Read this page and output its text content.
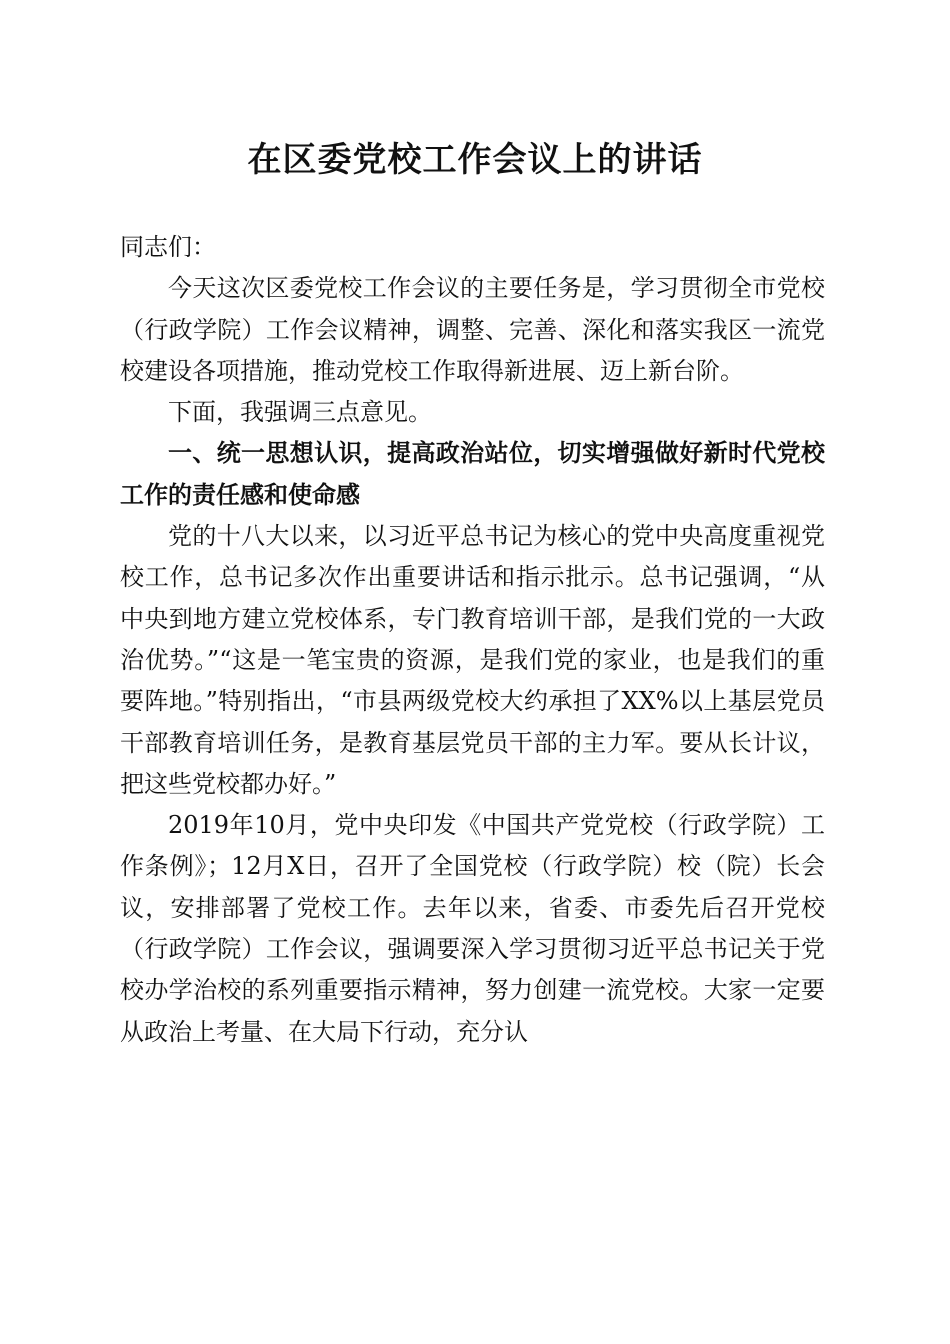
在区委党校工作会议上的讲话

同志们：

今天这次区委党校工作会议的主要任务是，学习贯彻全市党校（行政学院）工作会议精神，调整、完善、深化和落实我区一流党校建设各项措施，推动党校工作取得新进展、迈上新台阶。

下面，我强调三点意见。

一、统一思想认识，提高政治站位，切实增强做好新时代党校工作的责任感和使命感

党的十八大以来，以习近平总书记为核心的党中央高度重视党校工作，总书记多次作出重要讲话和指示批示。总书记强调，“从中央到地方建立党校体系，专门教育培训干部，是我们党的一大政治优势。”“这是一笔宝贵的资源，是我们党的家业，也是我们的重要阵地。”特别指出，“市县两级党校大约承担了XX%以上基层党员干部教育培训任务，是教育基层党员干部的主力军。要从长计议，把这些党校都办好。”

2019年10月，党中央印发《中国共产党党校（行政学院）工作条例》；12月X日，召开了全国党校（行政学院）校（院）长会议，安排部署了党校工作。去年以来，省委、市委先后召开党校（行政学院）工作会议，强调要深入学习贯彻习近平总书记关于党校办学治校的系列重要指示精神，努力创建一流党校。大家一定要从政治上考量、在大局下行动，充分认
